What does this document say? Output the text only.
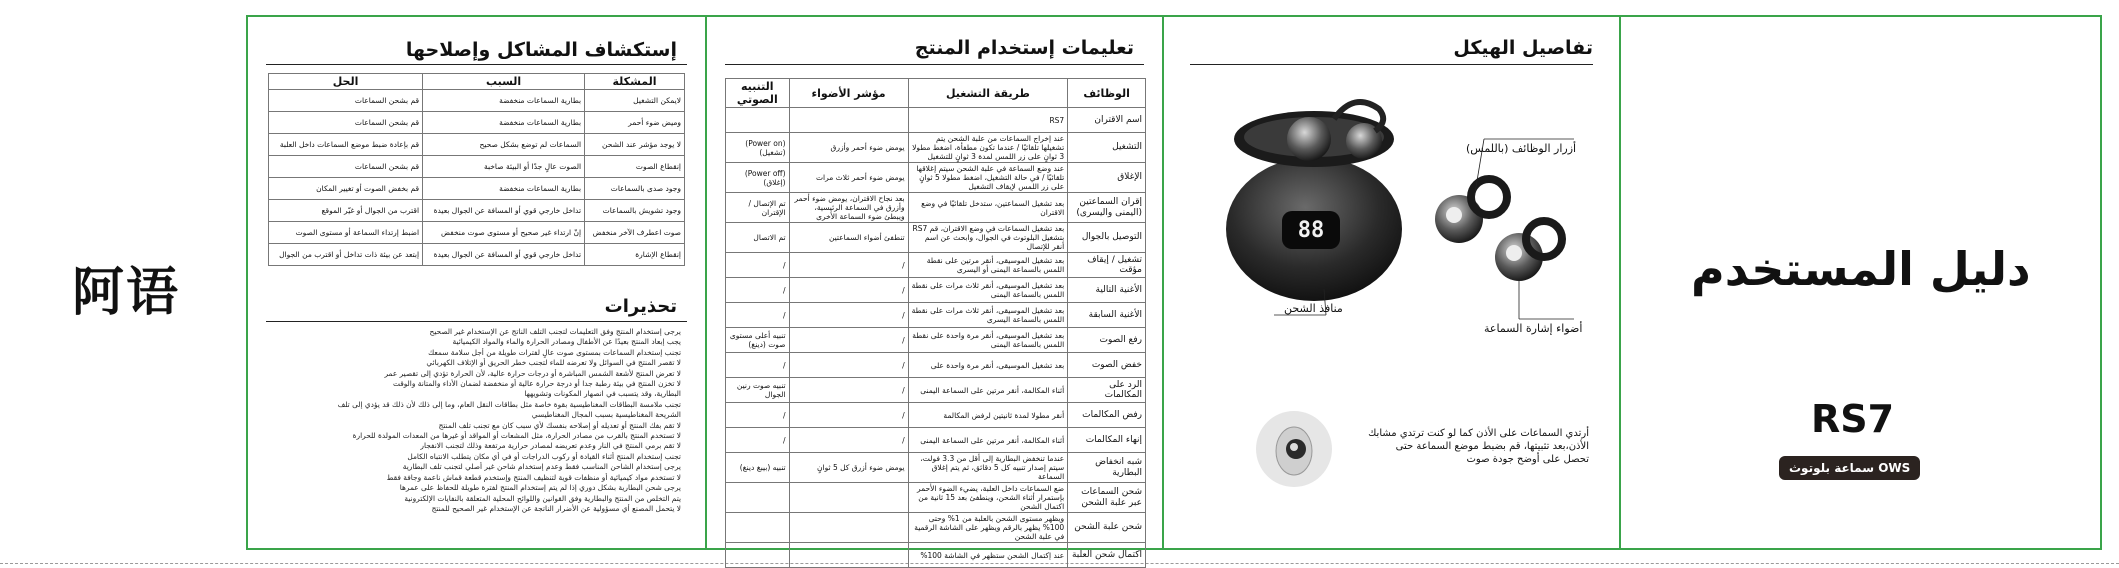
阿语
إستكشاف المشاكل وإصلاحها
المشكلة	السبب	الحل
لايمكن التشغيل	بطارية السماعات منخفضة	قم بشحن السماعات
وميض ضوء أحمر	بطارية السماعات منخفضة	قم بشحن السماعات
لا يوجد مؤشر عند الشحن	السماعات لم توضع بشكل صحيح	قم بإعادة ضبط موضع السماعات داخل العلبة
إنقطاع الصوت	الصوت عالٍ جدًا أو البيئة صاخبة	قم بشحن السماعات
وجود صدى بالسماعات	بطارية السماعات منخفضة	قم بخفض الصوت أو تغيير المكان
وجود تشويش بالسماعات	تداخل خارجي قوي أو المسافة عن الجوال بعيدة	اقترب من الجوال أو غيّر الموقع
صوت اعطرف الآخر منخفض	إنّ ارتداء غير صحيح أو مستوى صوت منخفض	اضبط إرتداء السماعة أو مستوى الصوت
إنقطاع الإشارة	تداخل خارجي قوي أو المسافة عن الجوال بعيدة	إبتعد عن بيئة ذات تداخل أو اقترب من الجوال
تحذيرات
يرجى إستخدام المنتج وفق التعليمات لتجنب التلف الناتج عن الإستخدام غير الصحيح
يجب إبعاد المنتج بعيدًا عن الأطفال ومصادر الحرارة والماء والمواد الكيميائية
تجنب إستخدام السماعات بمستوى صوت عالٍ لفترات طويلة من أجل سلامة سمعك
لا تقصر المنتج في السوائل ولا تعرضه للماء لتجنب خطر الحريق أو الإتلاف الكهربائي
لا تعرض المنتج لأشعة الشمس المباشرة أو درجات حرارة عالية، لأن الحرارة تؤدي إلى تقصير عمر
لا تخزن المنتج في بيئة رطبة جدا أو درجة حرارة عالية أو منخفضة لضمان الأداء والمتانة والوقت
البطارية، وقد يتسبب في انصهار المكونات وتشويهها
تجنب ملامسة البطاقات المغناطيسية بقوة خاصة مثل بطاقات النقل العام، وما إلى ذلك لأن ذلك قد يؤدي إلى تلف
الشريحة المغناطيسية بسبب المجال المغناطيسي
لا تقم بفك المنتج أو تعديله أو إصلاحه بنفسك لأي سبب كان مع تجنب تلف المنتج
لا تستخدم المنتج بالقرب من مصادر الحرارة، مثل المشعات أو المواقد أو غيرها من المعدات المولدة للحرارة
لا تقم برمي المنتج في النار وعدم تعريضه لمصادر حرارية مرتفعة وذلك لتجنب الانفجار
تجنب إستخدام المنتج أثناء القيادة أو ركوب الدراجات أو في أي مكان يتطلب الانتباه الكامل
يرجى إستخدام الشاحن المناسب فقط وعدم إستخدام شاحن غير أصلي لتجنب تلف البطارية
لا تستخدم مواد كيميائية أو منظفات قوية لتنظيف المنتج وإستخدم قطعة قماش ناعمة وجافة فقط
يرجى شحن البطارية بشكل دوري إذا لم يتم إستخدام المنتج لفترة طويلة للحفاظ على عمرها
يتم التخلص من المنتج والبطارية وفق القوانين واللوائح المحلية المتعلقة بالنفايات الإلكترونية
لا يتحمل المصنع أي مسؤولية عن الأضرار الناتجة عن الإستخدام غير الصحيح للمنتج
تعليمات إستخدام المنتج
الوظائف	طريقة التشغيل	مؤشر الأضواء	التنبيه الصوتي
اسم الاقتران	RS7		
التشغيل	عند إخراج السماعات من علبة الشحن يتم تشغيلها تلقائيًا / عندما تكون مطفأة، اضغط مطولا 3 ثوانٍ على زر اللمس لمدة 3 ثوانٍ للتشغيل	يومض ضوء أحمر وأزرق	(Power on) (تشغيل)
الإغلاق	عند وضع السماعة في علبة الشحن سيتم إغلاقها تلقائيًا / في حالة التشغيل، اضغط مطولا 5 ثوانٍ على زر اللمس لإيقاف التشغيل	يومض ضوء أحمر ثلاث مرات	(Power off) (إغلاق)
إقران السماعتين (اليمنى واليسرى)	بعد تشغيل السماعتين، ستدخل تلقائيًا في وضع الاقتران	بعد نجاح الاقتران، يومض ضوء أحمر وأزرق في السماعة الرئيسية، ويبطئ ضوء السماعة الأخرى	تم الإتصال / الإقتران
التوصيل بالجوال	بعد تشغيل السماعات في وضع الاقتران، قم RS7 بتشغيل البلوتوث في الجوال، وابحث عن اسم أنقر للإتصال	تنطفئ أضواء السماعتين	تم الاتصال
تشغيل / إيقاف مؤقت	بعد تشغيل الموسيقى، أنقر مرتين على نقطة اللمس بالسماعة اليمنى أو اليسرى	/	/
الأغنية التالية	بعد تشغيل الموسيقى، أنقر ثلاث مرات على نقطة اللمس بالسماعة اليمنى	/	/
الأغنية السابقة	بعد تشغيل الموسيقى، أنقر ثلاث مرات على نقطة اللمس بالسماعة اليسرى	/	/
رفع الصوت	بعد تشغيل الموسيقى، أنقر مرة واحدة على نقطة اللمس بالسماعة اليمنى	/	تنبيه أعلى مستوى صوت (دينغ)
خفض الصوت	بعد تشغيل الموسيقى، أنقر مرة واحدة على	/	/
الرد على المكالمات	أثناء المكالمة، أنقر مرتين على السماعة اليمنى	/	تنبيه صوت رنين الجوال
رفض المكالمات	أنقر مطولا لمدة ثانيتين لرفض المكالمة	/	/
إنهاء المكالمات	أثناء المكالمة، أنقر مرتين على السماعة اليمنى	/	/
شبه انخفاض البطارية	عندما تنخفض البطارية إلى أقل من 3.3 فولت، سيتم إصدار تنبيه كل 5 دقائق، ثم يتم إغلاق السماعة	يومض ضوء أزرق كل 5 ثوانٍ	تنبيه (بيبغ دينغ)
شحن السماعات عبر علبة الشحن	ضع السماعات داخل العلبة، يضيء الضوء الأحمر بإستمرار أثناء الشحن، وينطفئ بعد 15 ثانية من اكتمال الشحن		
شحن علبة الشحن	ويظهر مستوى الشحن بالعلبة من 1% وحتى 100% يظهر بالرقم ويظهر على الشاشة الرقمية في علبة الشحن		
اكتمال شحن العلبة	عند إكتمال الشحن ستظهر في الشاشة 100%		
تفاصيل الهيكل
88
أزرار الوظائف (باللمس)
أضواء إشارة السماعة
منافذ الشحن
أرتدي السماعات على الأذن كما لو كنت ترتدي مشابك
الأذن،بعد تثبيتها، قم بضبط موضع السماعة حتى
تحصل على أوضح جودة صوت
دليل المستخدم
RS7
OWS سماعة بلوتوث
